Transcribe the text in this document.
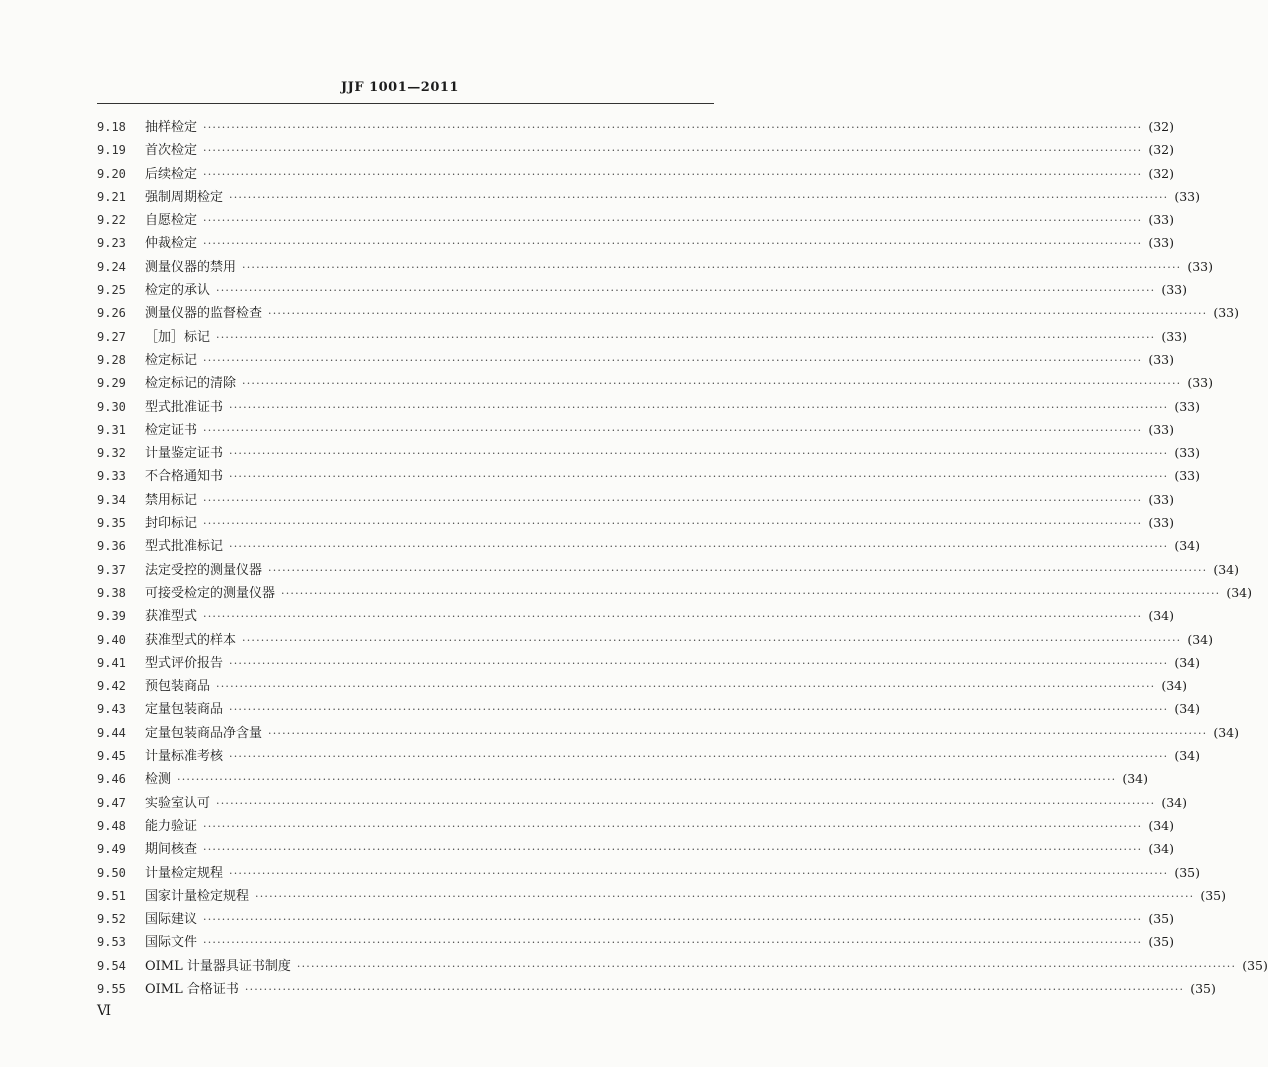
JJF 1001—2011
9.18	抽样检定 ········································································································································································································ (32)
9.19	首次检定 ········································································································································································································ (32)
9.20	后续检定 ········································································································································································································ (32)
9.21	强制周期检定 ········································································································································································································ (33)
9.22	自愿检定 ········································································································································································································ (33)
9.23	仲裁检定 ········································································································································································································ (33)
9.24	测量仪器的禁用 ········································································································································································································ (33)
9.25	检定的承认 ········································································································································································································ (33)
9.26	测量仪器的监督检查 ········································································································································································································ (33)
9.27	［加］标记 ········································································································································································································ (33)
9.28	检定标记 ········································································································································································································ (33)
9.29	检定标记的清除 ········································································································································································································ (33)
9.30	型式批准证书 ········································································································································································································ (33)
9.31	检定证书 ········································································································································································································ (33)
9.32	计量鉴定证书 ········································································································································································································ (33)
9.33	不合格通知书 ········································································································································································································ (33)
9.34	禁用标记 ········································································································································································································ (33)
9.35	封印标记 ········································································································································································································ (33)
9.36	型式批准标记 ········································································································································································································ (34)
9.37	法定受控的测量仪器 ········································································································································································································ (34)
9.38	可接受检定的测量仪器 ········································································································································································································ (34)
9.39	获准型式 ········································································································································································································ (34)
9.40	获准型式的样本 ········································································································································································································ (34)
9.41	型式评价报告 ········································································································································································································ (34)
9.42	预包装商品 ········································································································································································································ (34)
9.43	定量包装商品 ········································································································································································································ (34)
9.44	定量包装商品净含量 ········································································································································································································ (34)
9.45	计量标准考核 ········································································································································································································ (34)
9.46	检测 ········································································································································································································ (34)
9.47	实验室认可 ········································································································································································································ (34)
9.48	能力验证 ········································································································································································································ (34)
9.49	期间核查 ········································································································································································································ (34)
9.50	计量检定规程 ········································································································································································································ (35)
9.51	国家计量检定规程 ········································································································································································································ (35)
9.52	国际建议 ········································································································································································································ (35)
9.53	国际文件 ········································································································································································································ (35)
9.54	OIML 计量器具证书制度 ········································································································································································································ (35)
9.55	OIML 合格证书 ········································································································································································································ (35)
Ⅵ
